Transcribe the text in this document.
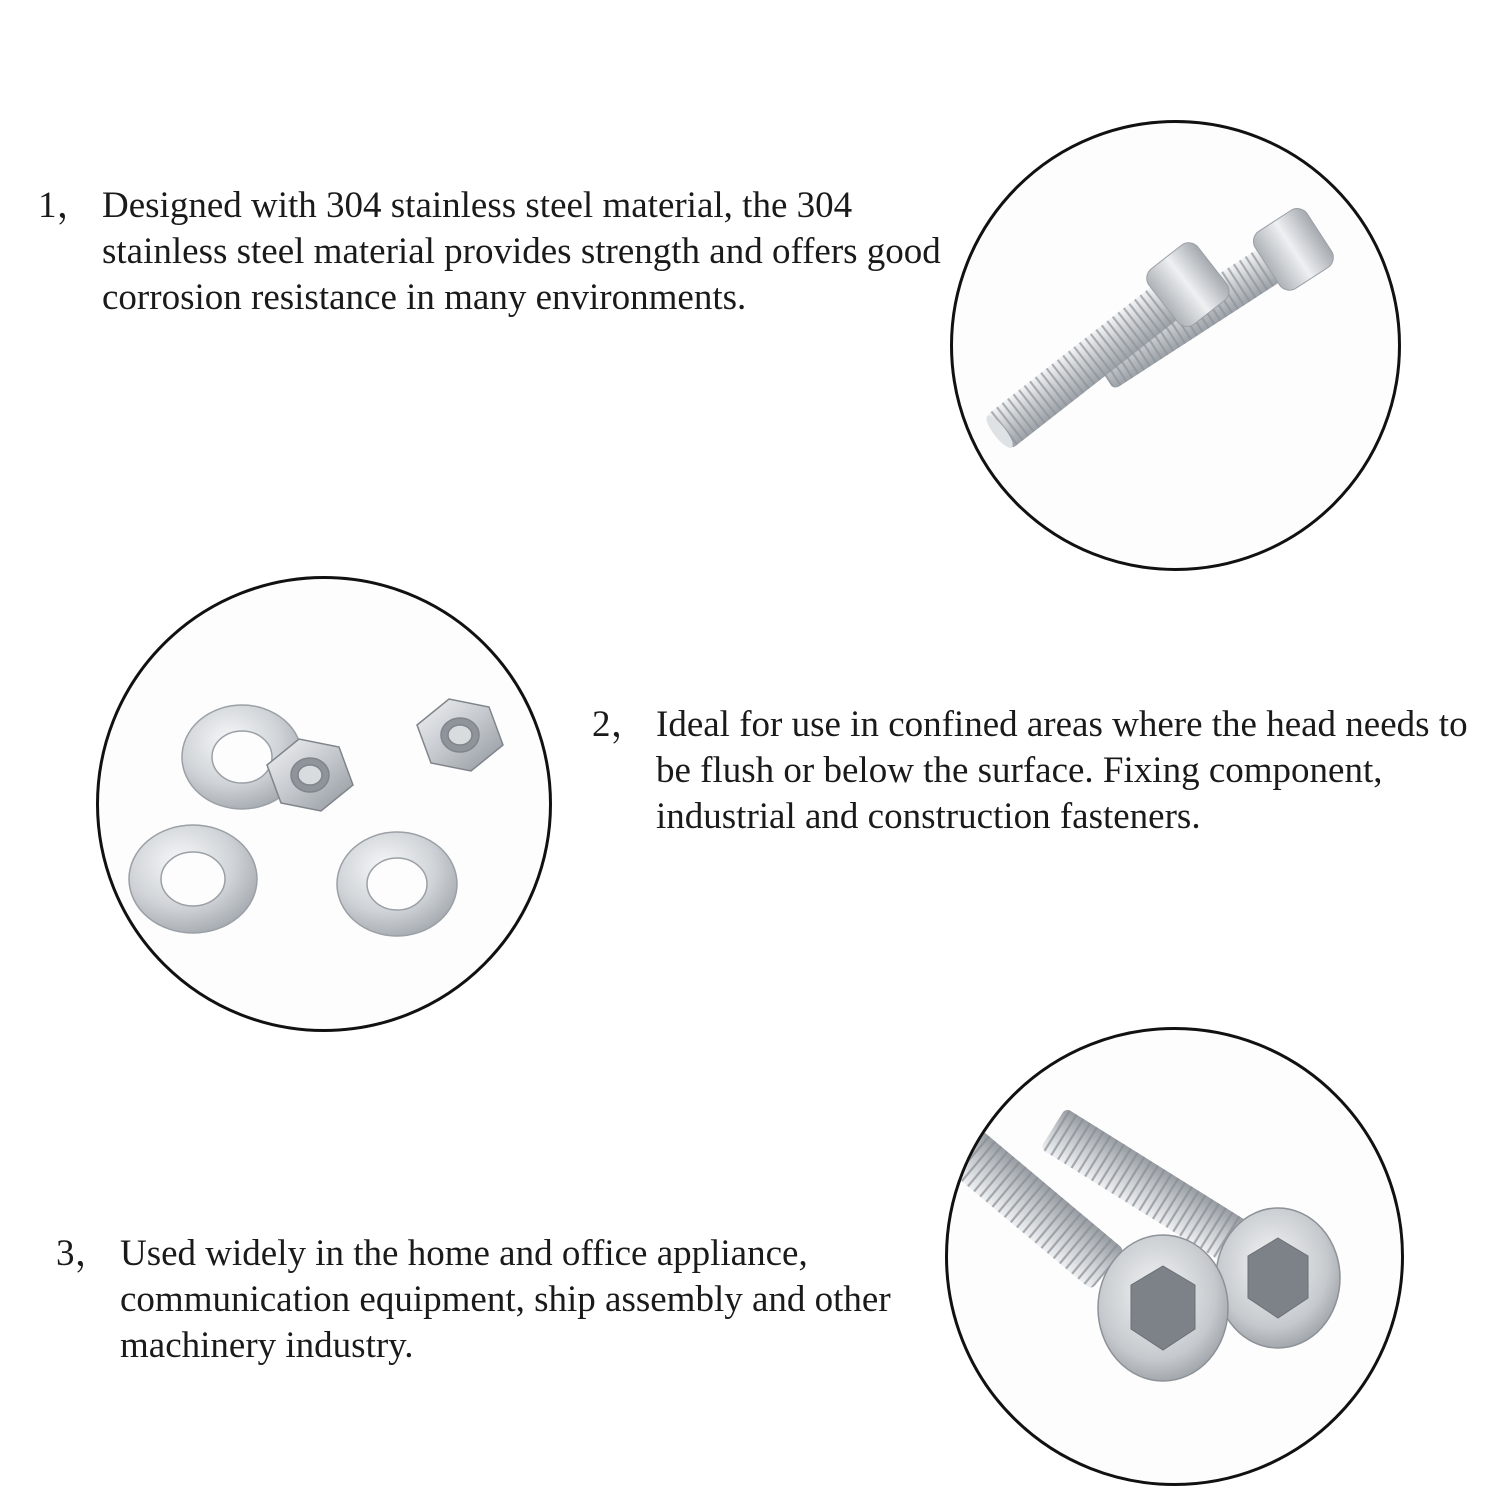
1， Designed with 304 stainless steel material, the 304 stainless steel material provides strength and offers good corrosion resistance in many environments.
2， Ideal for use in confined areas where the head needs to be flush or below the surface. Fixing component, industrial and construction fasteners.
3， Used widely in the home and office appliance, communication equipment, ship assembly and other machinery industry.
